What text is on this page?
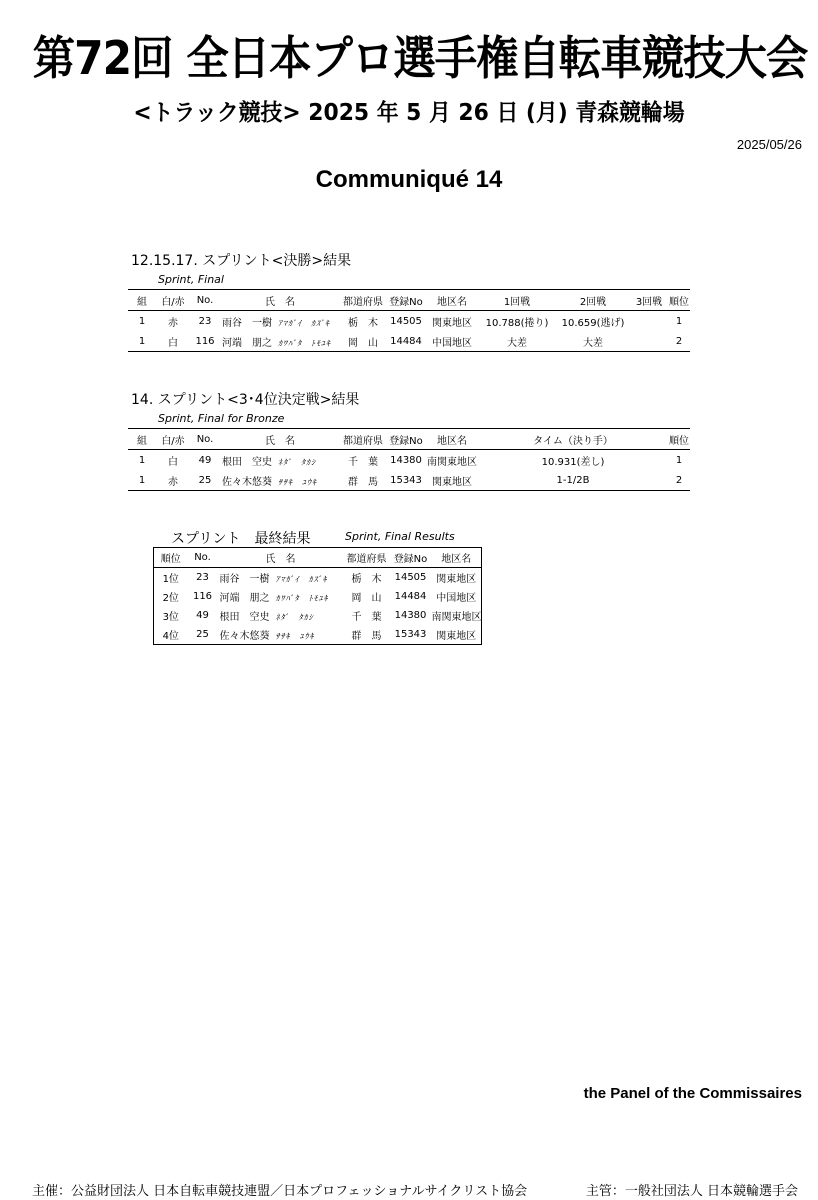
第72回 全日本プロ選手権自転車競技大会
<トラック競技> 2025 年 5 月 26 日 (月) 青森競輪場
2025/05/26
Communiqué 14
12.15.17. スプリント<決勝>結果
Sprint, Final
組	白/赤	No.	氏　名	都道府県	登録No	地区名	1回戦	2回戦	3回戦	順位
1	赤	23	雨谷　一樹 ｱﾏｶﾞｲ　ｶｽﾞｷ	栃　木	14505	関東地区	10.788(捲り)	10.659(逃げ)		1
1	白	116	河端　朋之 ｶﾜﾊﾞﾀ　ﾄﾓﾕｷ	岡　山	14484	中国地区	大差	大差		2
14. スプリント<3･4位決定戦>結果
Sprint, Final for Bronze
組	白/赤	No.	氏　名	都道府県	登録No	地区名	タイム（決り手）	順位
1	白	49	根田　空史 ﾈﾀﾞ　ﾀｶｼ	千　葉	14380	南関東地区	10.931(差し)	1
1	赤	25	佐々木悠葵 ｻｻｷ　ﾕｳｷ	群　馬	15343	関東地区	1-1/2B	2
スプリント　最終結果	Sprint, Final Results
順位	No.	氏　名	都道府県	登録No	地区名
1位	23	雨谷　一樹 ｱﾏｶﾞｲ　ｶｽﾞｷ	栃　木	14505	関東地区
2位	116	河端　朋之 ｶﾜﾊﾞﾀ　ﾄﾓﾕｷ	岡　山	14484	中国地区
3位	49	根田　空史 ﾈﾀﾞ　ﾀｶｼ	千　葉	14380	南関東地区
4位	25	佐々木悠葵 ｻｻｷ　ﾕｳｷ	群　馬	15343	関東地区
the Panel of the Commissaires
主催：公益財団法人 日本自転車競技連盟／日本プロフェッショナルサイクリスト協会	主管：一般社団法人 日本競輪選手会
